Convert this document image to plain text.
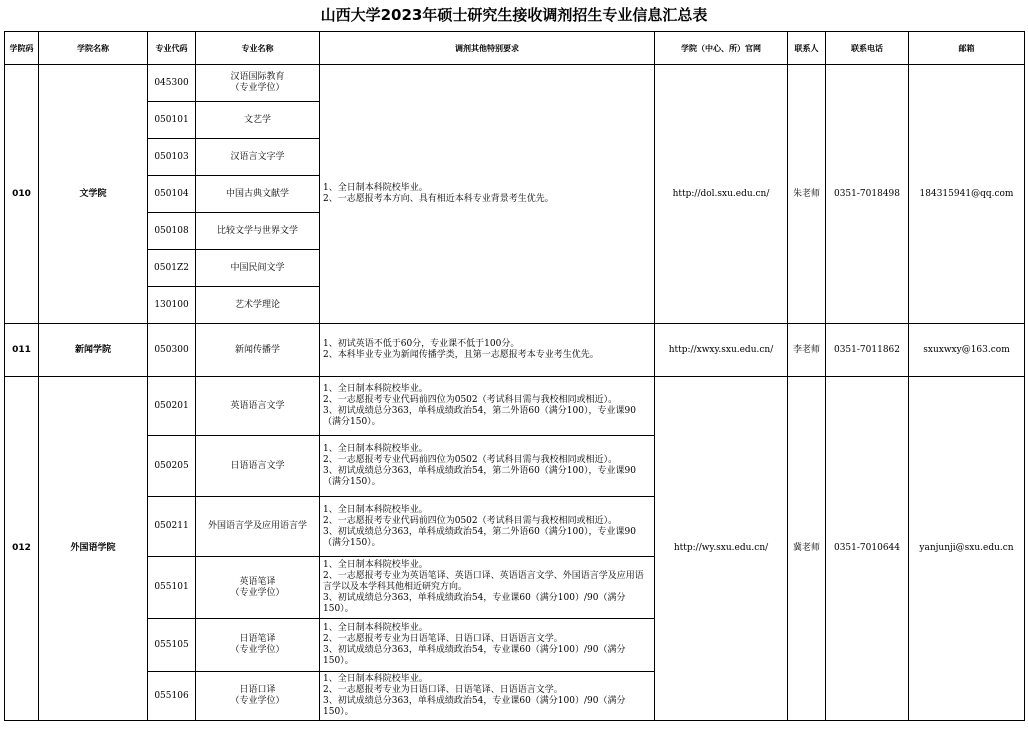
山西大学2023年硕士研究生接收调剂招生专业信息汇总表
学院码	学院名称	专业代码	专业名称	调剂其他特别要求	学院（中心、所）官网	联系人	联系电话	邮箱
010	文学院	045300	汉语国际教育
（专业学位）	1、全日制本科院校毕业。
2、一志愿报考本方向、具有相近本科专业背景考生优先。	http://dol.sxu.edu.cn/	朱老师	0351-7018498	184315941@qq.com
		050101	文艺学					
		050103	汉语言文字学					
		050104	中国古典文献学					
		050108	比较文学与世界文学					
		0501Z2	中国民间文学					
		130100	艺术学理论					
011	新闻学院	050300	新闻传播学	1、初试英语不低于60分，专业课不低于100分。
2、本科毕业专业为新闻传播学类，且第一志愿报考本专业考生优先。	http://xwxy.sxu.edu.cn/	李老师	0351-7011862	sxuxwxy@163.com
012	外国语学院	050201	英语语言文学	1、全日制本科院校毕业。
2、一志愿报考专业代码前四位为0502（考试科目需与我校相同或相近）。
3、初试成绩总分363，单科成绩政治54，第二外语60（满分100），专业课90（满分150）。	http://wy.sxu.edu.cn/	冀老师	0351-7010644	yanjunji@sxu.edu.cn
		050205	日语语言文学	1、全日制本科院校毕业。
2、一志愿报考专业代码前四位为0502（考试科目需与我校相同或相近）。
3、初试成绩总分363，单科成绩政治54，第二外语60（满分100），专业课90（满分150）。				
		050211	外国语言学及应用语言学	1、全日制本科院校毕业。
2、一志愿报考专业代码前四位为0502（考试科目需与我校相同或相近）。
3、初试成绩总分363，单科成绩政治54，第二外语60（满分100），专业课90（满分150）。				
		055101	英语笔译
（专业学位）	1、全日制本科院校毕业。
2、一志愿报考专业为英语笔译、英语口译、英语语言文学、外国语言学及应用语言学以及本学科其他相近研究方向。
3、初试成绩总分363，单科成绩政治54，专业课60（满分100）/90（满分150）。				
		055105	日语笔译
（专业学位）	1、全日制本科院校毕业。
2、一志愿报考专业为日语笔译、日语口译、日语语言文学。
3、初试成绩总分363，单科成绩政治54，专业课60（满分100）/90（满分150）。				
		055106	日语口译
（专业学位）	1、全日制本科院校毕业。
2、一志愿报考专业为日语口译、日语笔译、日语语言文学。
3、初试成绩总分363，单科成绩政治54，专业课60（满分100）/90（满分150）。				
